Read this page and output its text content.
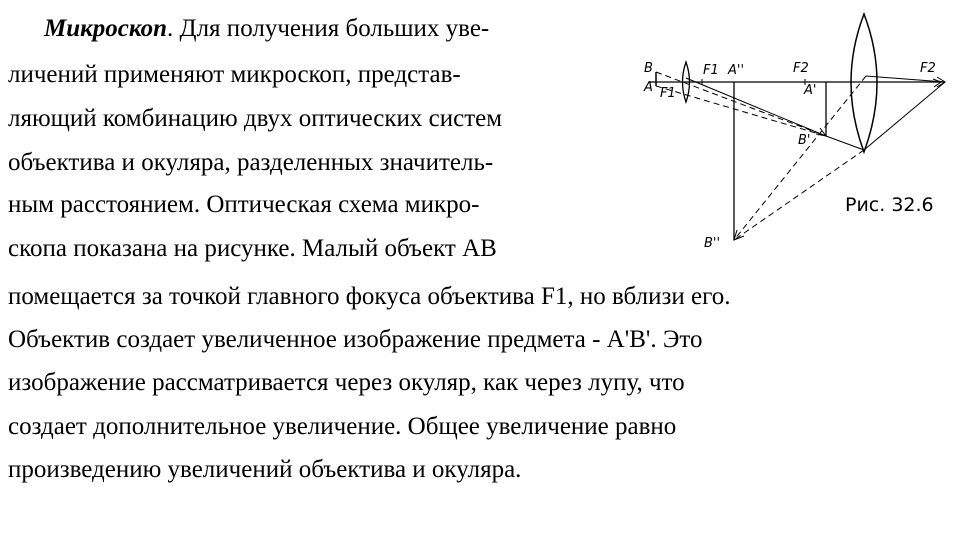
Микроскоп. Для получения больших уве-
личений применяют микроскоп, представ-
ляющий комбинацию двух оптических систем
объектива и окуляра, разделенных значитель-
ным расстоянием. Оптическая схема микро-
скопа показана на рисунке. Малый объект АВ
помещается за точкой главного фокуса объектива F1, но вблизи его.
Объектив создает увеличенное изображение предмета - А'В'. Это
изображение рассматривается через окуляр, как через лупу, что
создает дополнительное увеличение. Общее увеличение равно
произведению увеличений объектива и окуляра.
B
A F1
F1 A''	F2	F2
A'
B'
B''
Рис. 32.6
